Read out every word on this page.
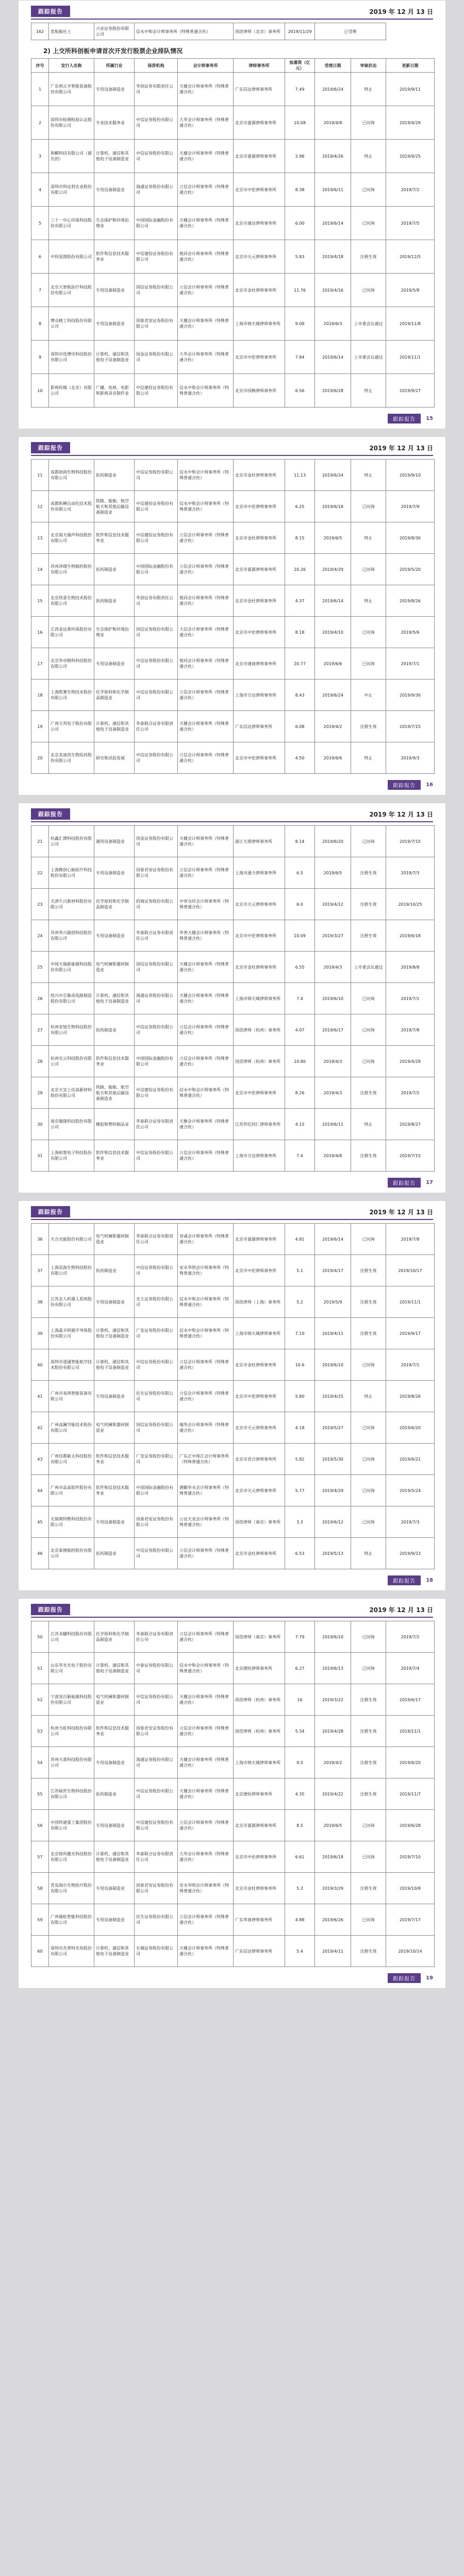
跟踪报告	2019 年 12 月 13 日
162	发航船社土	兴业证券股份有限公司	信永中和会计师事务所（特殊普通合伙）	国浩律师（北京）事务所	2019/11/29	已受理
2) 上交所科创板申请首次开发行股票企业排队情况
序号	发行人名称	所属行业	保荐机构	会计师事务所	律师事务所	拟募资（亿元）	受理日期	审核状态	更新日期
1	广东利元亨智能装备股份有限公司	专用设备制造业	华创证券有限责任公司	天健会计师事务所（特殊普通合伙）	广东信达律师事务所	7.49	2019/6/24	终止	2019/9/11
2	深圳市检测检验认证股份有限公司	专业技术服务业	中信证券股份有限公司	大华会计师事务所（特殊普通合伙）	北京市嘉源律师事务所	10.08	2019/4/8	已问询	2019/4/29
3	和麒科技有限公司（源氏的）	计算机、通信和其他电子设备制造业	中信证券股份有限公司	天健会计师事务所（特殊普通合伙）	北京市嘉源律师事务所	2.96	2019/4/26	终止	2019/9/25
4	深圳市科达利实业股份有限公司	专用设备制造业	海通证券股份有限公司	立信会计师事务所（特殊普通合伙）	北京市中伦律师事务所	8.38	2019/6/11	已问询	2019/7/2
5	三十一中心环保科技股份有限公司	生态保护和环境治理业	中国国际金融股份有限公司	天健会计师事务所（特殊普通合伙）	北京市康达律师事务所	6.00	2019/6/14	已问询	2019/7/5
6	中科星图股份有限公司	软件和信息技术服务业	中信建投证券股份有限公司	致同会计师事务所（特殊普通合伙）	北京市天元律师事务所	5.83	2019/4/18	注册生效	2019/12/5
7	北京天智航医疗科技股份有限公司	专用设备制造业	国信证券股份有限公司	立信会计师事务所（特殊普通合伙）	北京市金杜律师事务所	11.76	2019/4/16	已问询	2019/5/8
8	博众精工科技股份有限公司	专用设备制造业	国泰君安证券股份有限公司	天健会计师事务所（特殊普通合伙）	上海市锦天城律师事务所	9.09	2019/6/3	上市委会议通过	2019/11/8
9	深圳市优博讯科技股份有限公司	计算机、通信和其他电子设备制造业	国金证券股份有限公司	大华会计师事务所（特殊普通合伙）	北京市中伦律师事务所	7.84	2019/6/14	上市委会议通过	2019/11/1
10	影视传媒（北京）有限公司	广播、电视、电影和影视录音制作业	中信建投证券股份有限公司	信永中和会计师事务所（特殊普通合伙）	北京市国枫律师事务所	6.56	2019/6/28	终止	2019/9/27
跟踪报告	15
跟踪报告	2019 年 12 月 13 日
11	成都雨润生物科技股份有限公司	医药制造业	中信证券股份有限公司	信永中和会计师事务所（特殊普通合伙）	北京市金杜律师事务所	11.13	2019/6/24	终止	2019/9/10
12	成都纵横自动化技术股份有限公司	铁路、船舶、航空航天和其他运输设备制造业	中信建投证券股份有限公司	信永中和会计师事务所（特殊普通合伙）	北京市中伦律师事务所	6.25	2019/6/18	已问询	2019/7/9
13	北京海天瑞声科技股份有限公司	软件和信息技术服务业	中信建投证券股份有限公司	立信会计师事务所（特殊普通合伙）	北京市金杜律师事务所	8.15	2019/6/5	终止	2019/8/30
14	苏州泽璟生物制药股份有限公司	医药制造业	中国国际金融股份有限公司	立信会计师事务所（特殊普通合伙）	北京市嘉源律师事务所	20.26	2019/4/29	已问询	2019/5/20
15	北京热景生物技术股份有限公司	医药制造业	华创证券有限责任公司	致同会计师事务所（特殊普通合伙）	北京市金杜律师事务所	4.37	2019/6/14	终止	2019/8/26
16	江西金达莱环保股份有限公司	生态保护和环境治理业	国信证券股份有限公司	大信会计师事务所（特殊普通合伙）	北京市中伦律师事务所	8.18	2019/4/10	已问询	2019/5/6
17	北京华卓精科科技股份有限公司	专用设备制造业	中信证券股份有限公司	致同会计师事务所（特殊普通合伙）	北京市通商律师事务所	20.77	2019/6/6	已问询	2019/7/1
18	上海凯赛生物技术股份有限公司	化学原料和化学制品制造业	中信证券股份有限公司	立信会计师事务所（特殊普通合伙）	上海市方达律师事务所	8.43	2019/6/24	中止	2019/9/30
19	广州方邦电子股份有限公司	计算机、通信和其他电子设备制造业	华泰联合证券有限责任公司	天健会计师事务所（特殊普通合伙）	广东信达律师事务所	6.08	2019/4/2	注册生效	2019/7/15
20	北京美迪西生物医药股份有限公司	研究和试验发展	中信证券股份有限公司	立信会计师事务所（特殊普通合伙）	北京市中伦律师事务所	4.50	2019/6/6	终止	2019/9/3
跟踪报告	16
跟踪报告	2019 年 12 月 13 日
21	杭鑫汇德科技股份有限公司	通用设备制造业	国金证券股份有限公司	天健会计师事务所（特殊普通合伙）	浙江天册律师事务所	8.14	2019/6/20	已问询	2019/7/15
22	上海微创心脉医疗科技股份有限公司	专用设备制造业	国泰君安证券股份有限公司	立信会计师事务所（特殊普通合伙）	上海市通力律师事务所	6.5	2019/6/5	注册生效	2019/7/3
23	天津久日新材料股份有限公司	化学原料和化学制品制造业	招商证券股份有限公司	中审众环会计师事务所（特殊普通合伙）	北京市天元律师事务所	6.0	2019/4/12	注册生效	2019/10/25
24	苏州华兴源创科技股份有限公司	专用设备制造业	华泰联合证券有限责任公司	华普天健会计师事务所（特殊普通合伙）	北京市中伦律师事务所	10.09	2019/3/27	注册生效	2019/6/18
25	中国天瑞新能源科技股份有限公司	电气机械和器材制造业	国信证券股份有限公司	天健会计师事务所（特殊普通合伙）	北京市金杜律师事务所	6.55	2019/4/3	上市委会议通过	2019/8/8
26	绍兴中芯集成电路制造股份有限公司	计算机、通信和其他电子设备制造业	海通证券股份有限公司	天健会计师事务所（特殊普通合伙）	上海市锦天城律师事务所	7.4	2019/6/10	已问询	2019/7/1
27	杭州安旭生物科技股份有限公司	医药制造业	中信证券股份有限公司	立信会计师事务所（特殊普通合伙）	国浩律师（杭州）事务所	4.07	2019/6/17	已问询	2019/7/8
28	杭州光云科技股份有限公司	软件和信息技术服务业	中国国际金融股份有限公司	立信会计师事务所（特殊普通合伙）	国浩律师（杭州）事务所	10.80	2019/4/3	已问询	2019/4/29
29	北京天宜上佳高新材料股份有限公司	铁路、船舶、航空航天和其他运输设备制造业	中信建投证券股份有限公司	信永中和会计师事务所（特殊普通合伙）	北京市中伦律师事务所	8.26	2019/4/3	注册生效	2019/7/2
30	南京聚隆科技股份有限公司	橡胶和塑料制品业	华泰联合证券有限责任公司	天衡会计师事务所（特殊普通合伙）	江苏世纪同仁律师事务所	4.15	2019/6/11	终止	2019/8/27
31	上海柏楚电子科技股份有限公司	软件和信息技术服务业	中信证券股份有限公司	立信会计师事务所（特殊普通合伙）	上海市方达律师事务所	7.4	2019/4/8	注册生效	2019/7/15
跟踪报告	17
跟踪报告	2019 年 12 月 13 日
36	天合光能股份有限公司	电气机械和器材制造业	华泰联合证券有限责任公司	容诚会计师事务所（特殊普通合伙）	北京市嘉源律师事务所	4.81	2019/6/14	已问询	2019/7/8
37	上海昊海生物科技股份有限公司	医药制造业	中信证券股份有限公司	安永华明会计师事务所（特殊普通合伙）	北京市中伦律师事务所	5.1	2019/4/17	注册生效	2019/10/17
38	江苏北人机器人系统股份有限公司	专用设备制造业	光大证券股份有限公司	信永中和会计师事务所（特殊普通合伙）	国浩律师（上海）事务所	5.2	2019/5/9	注册生效	2019/11/1
39	上海晶丰明源半导体股份有限公司	计算机、通信和其他电子设备制造业	广发证券股份有限公司	信永中和会计师事务所（特殊普通合伙）	上海市锦天城律师事务所	7.10	2019/4/11	注册生效	2019/9/17
40	深圳市道通智能航空技术股份有限公司	计算机、通信和其他电子设备制造业	中信证券股份有限公司	立信会计师事务所（特殊普通合伙）	北京市金杜律师事务所	10.6	2019/6/10	已问询	2019/7/1
41	广州市易鸿智能装备有限公司	专用设备制造业	民生证券股份有限公司	立信会计师事务所（特殊普通合伙）	北京市中伦律师事务所	5.80	2019/4/25	终止	2019/8/26
42	广州高澜节能技术股份有限公司	电气机械和器材制造业	国信证券股份有限公司	瑞华会计师事务所（特殊普通合伙）	北京市天元律师事务所	4.18	2019/5/27	已问询	2019/6/20
43	广州佳都新太科技股份有限公司	软件和信息技术服务业	广发证券股份有限公司	广东正中珠江会计师事务所（特殊普通合伙）	北京市君合律师事务所	5.82	2019/5/30	已问询	2019/6/21
44	广州市品高软件股份有限公司	软件和信息技术服务业	中国国际金融股份有限公司	德勤华永会计师事务所（特殊普通合伙）	北京市天元律师事务所	5.77	2019/4/29	已问询	2019/5/24
45	无锡奥特维科技股份有限公司	专用设备制造业	国泰君安证券股份有限公司	公证天业会计师事务所（特殊普通合伙）	国浩律师（南京）事务所	3.3	2019/6/12	已问询	2019/7/3
46	北京泰德制药股份有限公司	医药制造业	中信证券股份有限公司	立信会计师事务所（特殊普通合伙）	北京市金杜律师事务所	6.53	2019/5/13	终止	2019/9/23
跟踪报告	18
跟踪报告	2019 年 12 月 13 日
50	江苏龙蟠科技股份有限公司	化学原料和化学制品制造业	华泰联合证券有限责任公司	立信会计师事务所（特殊普通合伙）	国浩律师（南京）事务所	7.79	2019/6/10	已问询	2019/7/2
51	山东华光光电子股份有限公司	计算机、通信和其他电子设备制造业	中泰证券股份有限公司	信永中和会计师事务所（特殊普通合伙）	北京德恒律师事务所	6.27	2019/6/13	已问询	2019/7/4
52	宁波容百新能源科技股份有限公司	电气机械和器材制造业	中信证券股份有限公司	天健会计师事务所（特殊普通合伙）	国浩律师（杭州）事务所	16	2019/3/22	注册生效	2019/6/17
53	杭州当虹科技股份有限公司	软件和信息技术服务业	国泰君安证券股份有限公司	立信会计师事务所（特殊普通合伙）	国浩律师（杭州）事务所	5.34	2019/4/28	注册生效	2019/11/1
54	苏州天准科技股份有限公司	专用设备制造业	海通证券股份有限公司	天健会计师事务所（特殊普通合伙）	上海市锦天城律师事务所	9.5	2019/4/2	注册生效	2019/6/20
55	江苏硕世生物科技股份有限公司	医药制造业	中信证券股份有限公司	天健会计师事务所（特殊普通合伙）	北京德恒律师事务所	4.35	2019/4/22	注册生效	2019/11/7
56	中国铁建重工集团股份有限公司	专用设备制造业	中信建投证券股份有限公司	立信会计师事务所（特殊普通合伙）	北京市嘉源律师事务所	8.5	2019/6/5	已问询	2019/6/28
57	北京锐科激光科技股份有限公司	计算机、通信和其他电子设备制造业	华泰联合证券有限责任公司	大华会计师事务所（特殊普通合伙）	北京市中伦律师事务所	6.61	2019/6/18	已问询	2019/7/10
58	青岛海尔生物医疗股份有限公司	专用设备制造业	国泰君安证券股份有限公司	安永华明会计师事务所（特殊普通合伙）	北京市金杜律师事务所	5.2	2019/3/29	注册生效	2019/10/8
59	广州瑞松智能科技股份有限公司	专用设备制造业	民生证券股份有限公司	立信会计师事务所（特殊普通合伙）	广东华商律师事务所	4.88	2019/6/26	已问询	2019/7/17
60	深圳市杰普特光电股份有限公司	计算机、通信和其他电子设备制造业	长城证券股份有限公司	天健会计师事务所（特殊普通合伙）	广东信达律师事务所	5.4	2019/4/11	注册生效	2019/10/14
跟踪报告	19
